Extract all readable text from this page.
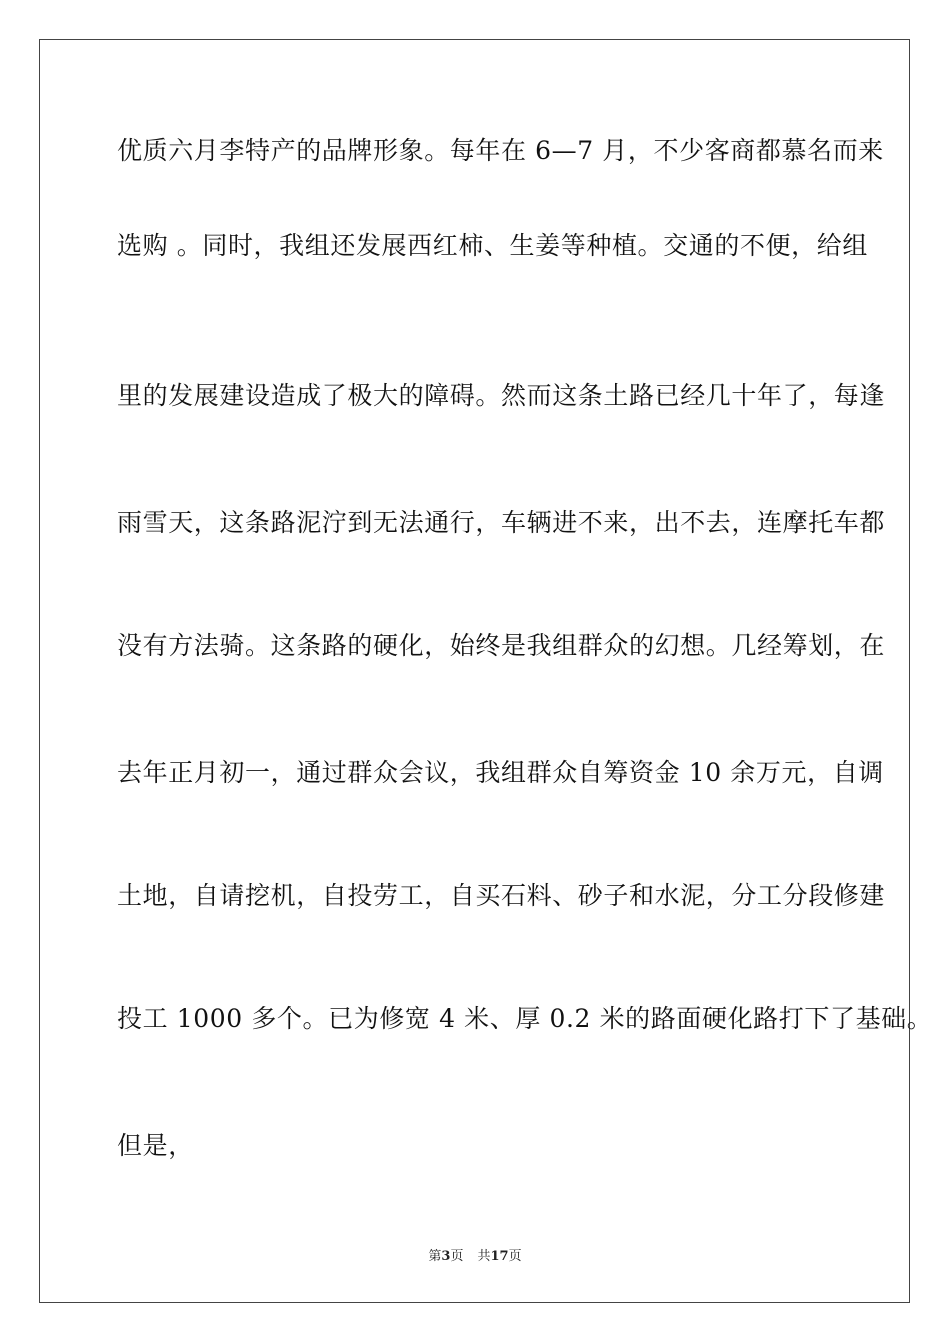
优质六月李特产的品牌形象。每年在 6—7 月，不少客商都慕名而来
选购 。同时，我组还发展西红柿、生姜等种植。交通的不便，给组
里的发展建设造成了极大的障碍。然而这条土路已经几十年了，每逢
雨雪天，这条路泥泞到无法通行，车辆进不来，出不去，连摩托车都
没有方法骑。这条路的硬化，始终是我组群众的幻想。几经筹划，在
去年正月初一，通过群众会议，我组群众自筹资金 10 余万元，自调
土地，自请挖机，自投劳工，自买石料、砂子和水泥，分工分段修建
投工 1000 多个。已为修宽 4 米、厚 0.2 米的路面硬化路打下了基础。
但是，
第3页 共17页
